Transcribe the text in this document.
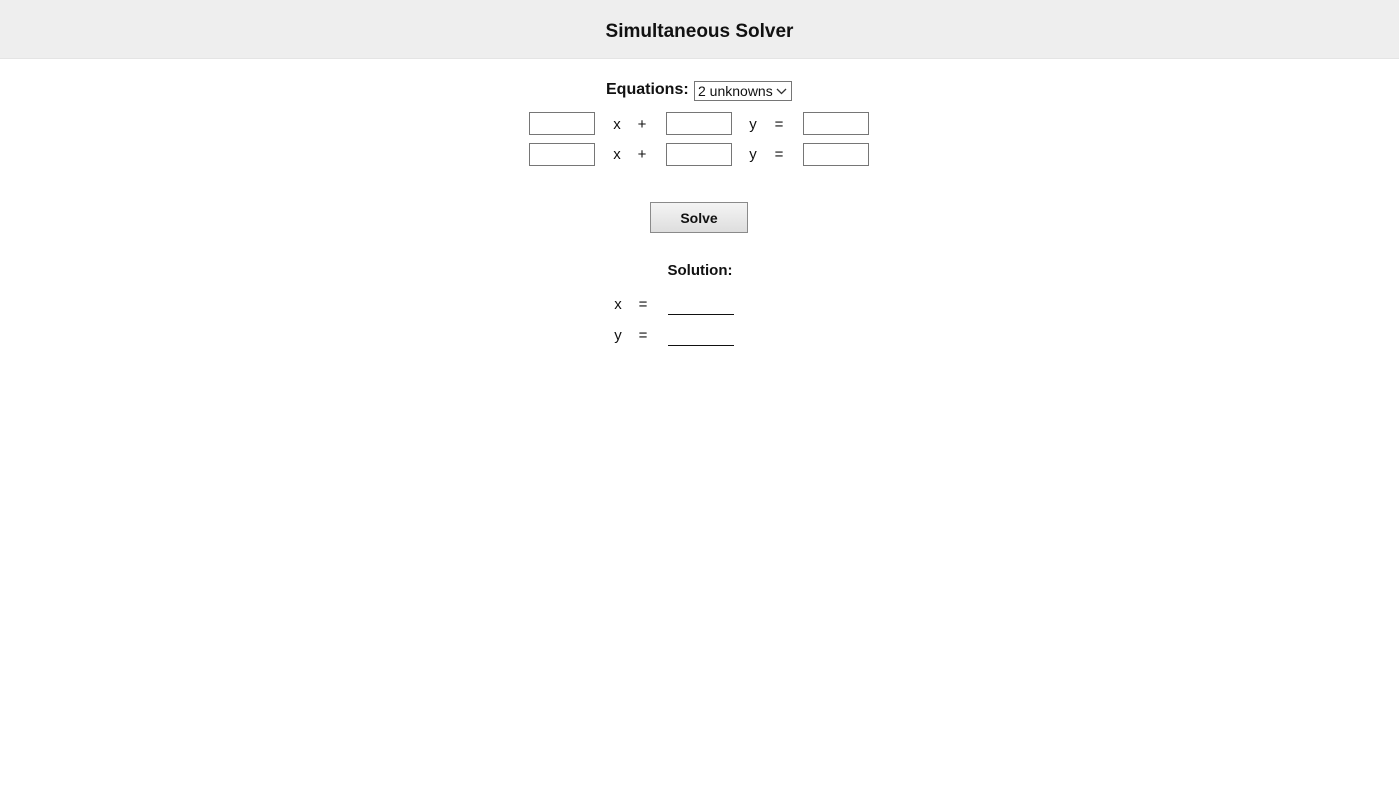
Simultaneous Solver
Equations: 2 unknowns
x	+	y	=
x	+	y	=
Solve
Solution:
x	=
y	=
